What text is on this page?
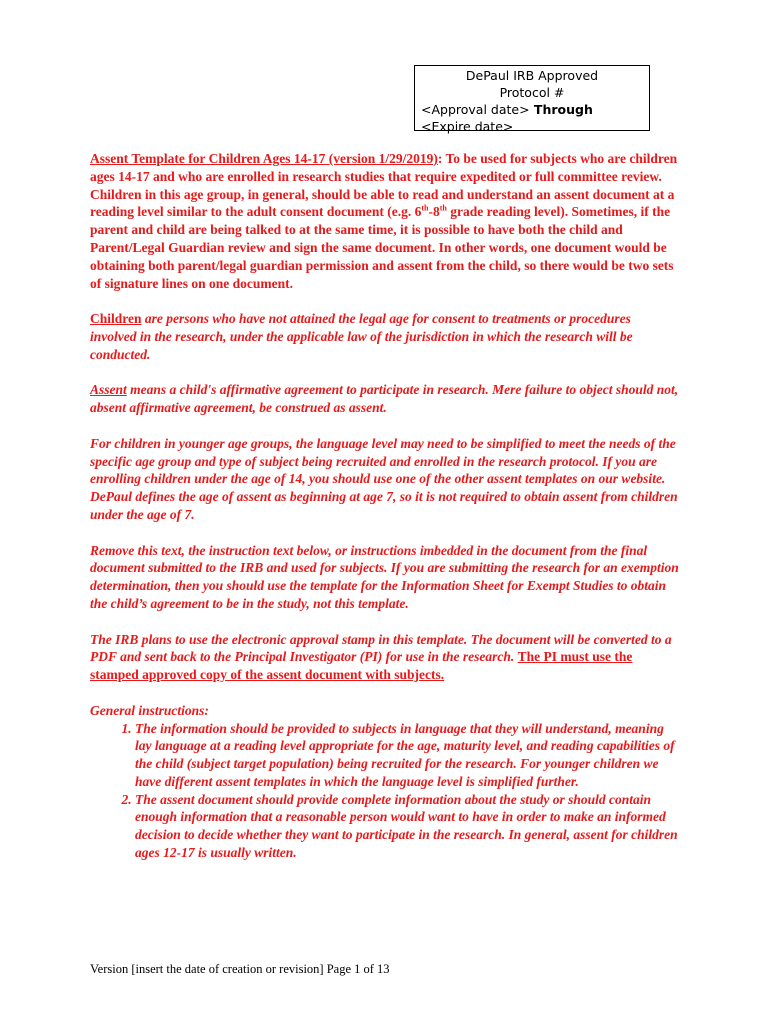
DePaul IRB Approved
Protocol #
<Approval date> Through
<Expire date>

Assent Template for Children Ages 14-17 (version 1/29/2019): To be used for subjects who are children ages 14-17 and who are enrolled in research studies that require expedited or full committee review. Children in this age group, in general, should be able to read and understand an assent document at a reading level similar to the adult consent document (e.g. 6th-8th grade reading level). Sometimes, if the parent and child are being talked to at the same time, it is possible to have both the child and Parent/Legal Guardian review and sign the same document. In other words, one document would be obtaining both parent/legal guardian permission and assent from the child, so there would be two sets of signature lines on one document.

Children are persons who have not attained the legal age for consent to treatments or procedures involved in the research, under the applicable law of the jurisdiction in which the research will be conducted.

Assent means a child's affirmative agreement to participate in research. Mere failure to object should not, absent affirmative agreement, be construed as assent.

For children in younger age groups, the language level may need to be simplified to meet the needs of the specific age group and type of subject being recruited and enrolled in the research protocol. If you are enrolling children under the age of 14, you should use one of the other assent templates on our website. DePaul defines the age of assent as beginning at age 7, so it is not required to obtain assent from children under the age of 7.

Remove this text, the instruction text below, or instructions imbedded in the document from the final document submitted to the IRB and used for subjects. If you are submitting the research for an exemption determination, then you should use the template for the Information Sheet for Exempt Studies to obtain the child’s agreement to be in the study, not this template.

The IRB plans to use the electronic approval stamp in this template. The document will be converted to a PDF and sent back to the Principal Investigator (PI) for use in the research. The PI must use the stamped approved copy of the assent document with subjects.

General instructions:
1. The information should be provided to subjects in language that they will understand, meaning lay language at a reading level appropriate for the age, maturity level, and reading capabilities of the child (subject target population) being recruited for the research. For younger children we have different assent templates in which the language level is simplified further.
2. The assent document should provide complete information about the study or should contain enough information that a reasonable person would want to have in order to make an informed decision to decide whether they want to participate in the research. In general, assent for children ages 12-17 is usually written.
Version [insert the date of creation or revision] Page 1 of 13
